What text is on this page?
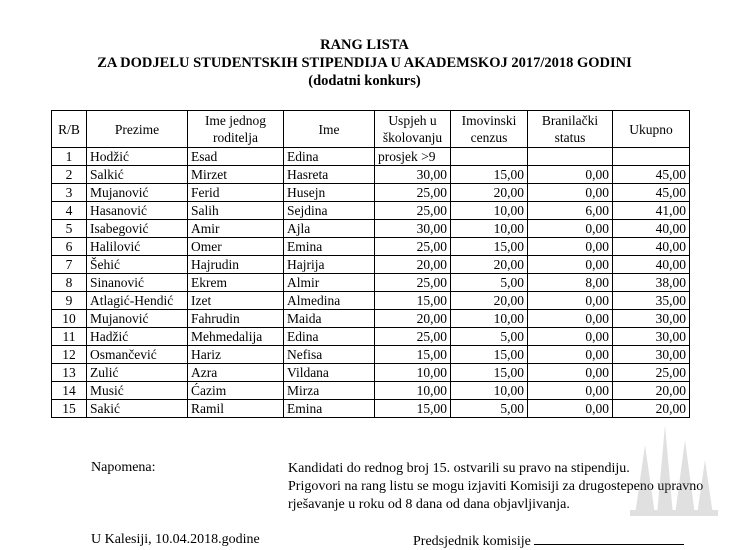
RANG LISTA
ZA DODJELU STUDENTSKIH STIPENDIJA U AKADEMSKOJ 2017/2018 GODINI
(dodatni konkurs)
R/B	Prezime	Ime jednog roditelja	Ime	Uspjeh u školovanju	Imovinski cenzus	Branilački status	Ukupno
1	Hodžić	Esad	Edina	prosjek >9			
2	Salkić	Mirzet	Hasreta	30,00	15,00	0,00	45,00
3	Mujanović	Ferid	Husejn	25,00	20,00	0,00	45,00
4	Hasanović	Salih	Sejdina	25,00	10,00	6,00	41,00
5	Isabegović	Amir	Ajla	30,00	10,00	0,00	40,00
6	Halilović	Omer	Emina	25,00	15,00	0,00	40,00
7	Šehić	Hajrudin	Hajrija	20,00	20,00	0,00	40,00
8	Sinanović	Ekrem	Almir	25,00	5,00	8,00	38,00
9	Atlagić-Hendić	Izet	Almedina	15,00	20,00	0,00	35,00
10	Mujanović	Fahrudin	Maida	20,00	10,00	0,00	30,00
11	Hadžić	Mehmedalija	Edina	25,00	5,00	0,00	30,00
12	Osmančević	Hariz	Nefisa	15,00	15,00	0,00	30,00
13	Zulić	Azra	Vildana	10,00	15,00	0,00	25,00
14	Musić	Ćazim	Mirza	10,00	10,00	0,00	20,00
15	Sakić	Ramil	Emina	15,00	5,00	0,00	20,00
Napomena:	Kandidati do rednog broj 15. ostvarili su pravo na stipendiju.
Prigovori na rang listu se mogu izjaviti Komisiji za drugostepeno upravno
rješavanje u roku od 8 dana od dana objavljivanja.
U Kalesiji, 10.04.2018.godine	Predsjednik komisije
